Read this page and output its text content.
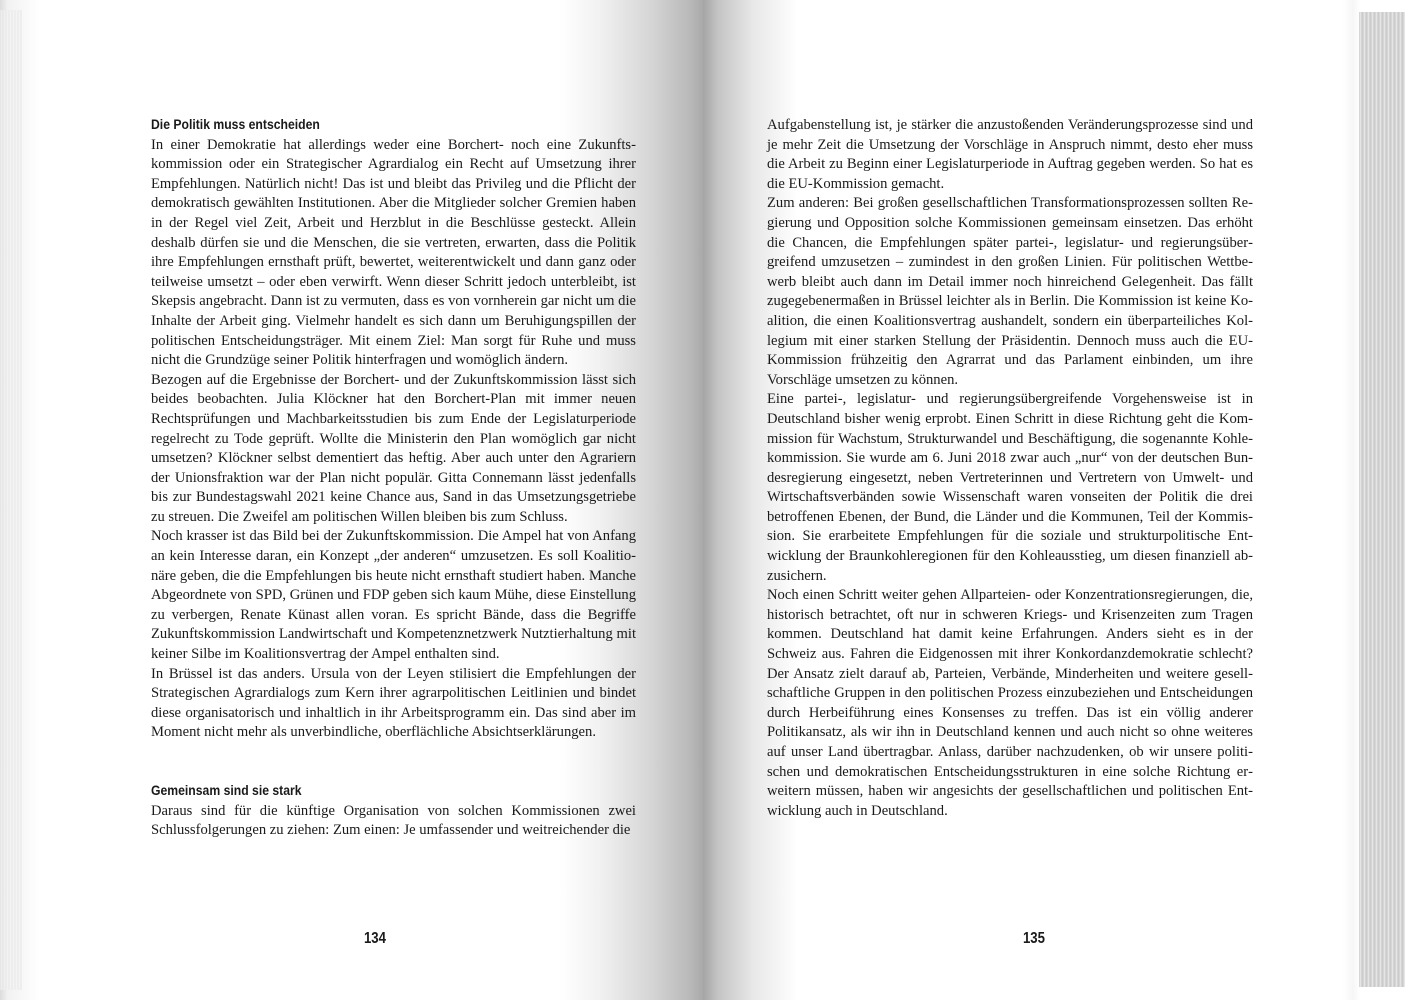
Die Politik muss entscheiden

In einer Demokratie hat allerdings weder eine Borchert- noch eine Zukunftskommission oder ein Strategischer Agrardialog ein Recht auf Umsetzung ihrer Empfehlungen. Natürlich nicht! Das ist und bleibt das Privileg und die Pflicht der demokratisch gewählten Institutionen. Aber die Mitglieder solcher Gremien haben in der Regel viel Zeit, Arbeit und Herzblut in die Beschlüsse gesteckt. Allein deshalb dürfen sie und die Menschen, die sie vertreten, erwarten, dass die Politik ihre Empfehlungen ernsthaft prüft, bewertet, weiterentwickelt und dann ganz oder teilweise umsetzt – oder eben verwirft. Wenn dieser Schritt jedoch unterbleibt, ist Skepsis angebracht. Dann ist zu vermuten, dass es von vornherein gar nicht um die Inhalte der Arbeit ging. Vielmehr handelt es sich dann um Beruhigungspillen der politischen Entscheidungsträger. Mit einem Ziel: Man sorgt für Ruhe und muss nicht die Grundzüge seiner Politik hinterfragen und womöglich ändern.

Bezogen auf die Ergebnisse der Borchert- und der Zukunftskommission lässt sich beides beobachten. Julia Klöckner hat den Borchert-Plan mit immer neuen Rechtsprüfungen und Machbarkeitsstudien bis zum Ende der Legislaturperiode regelrecht zu Tode geprüft. Wollte die Ministerin den Plan womöglich gar nicht umsetzen? Klöckner selbst dementiert das heftig. Aber auch unter den Agrariern der Unionsfraktion war der Plan nicht populär. Gitta Connemann lässt jedenfalls bis zur Bundestagswahl 2021 keine Chance aus, Sand in das Umsetzungsgetriebe zu streuen. Die Zweifel am politischen Willen bleiben bis zum Schluss.

Noch krasser ist das Bild bei der Zukunftskommission. Die Ampel hat von Anfang an kein Interesse daran, ein Konzept „der anderen“ umzusetzen. Es soll Koalitionäre geben, die die Empfehlungen bis heute nicht ernsthaft studiert haben. Manche Abgeordnete von SPD, Grünen und FDP geben sich kaum Mühe, diese Einstellung zu verbergen, Renate Künast allen voran. Es spricht Bände, dass die Begriffe Zukunftskommission Landwirtschaft und Kompetenznetzwerk Nutztierhaltung mit keiner Silbe im Koalitionsvertrag der Ampel enthalten sind.

In Brüssel ist das anders. Ursula von der Leyen stilisiert die Empfehlungen der Strategischen Agrardialogs zum Kern ihrer agrarpolitischen Leitlinien und bindet diese organisatorisch und inhaltlich in ihr Arbeitsprogramm ein. Das sind aber im Moment nicht mehr als unverbindliche, oberflächliche Absichtserklärungen.

Gemeinsam sind sie stark

Daraus sind für die künftige Organisation von solchen Kommissionen zwei Schlussfolgerungen zu ziehen: Zum einen: Je umfassender und weitreichender die

134

Aufgabenstellung ist, je stärker die anzustoßenden Veränderungsprozesse sind und je mehr Zeit die Umsetzung der Vorschläge in Anspruch nimmt, desto eher muss die Arbeit zu Beginn einer Legislaturperiode in Auftrag gegeben werden. So hat es die EU-Kommission gemacht.

Zum anderen: Bei großen gesellschaftlichen Transformationsprozessen sollten Regierung und Opposition solche Kommissionen gemeinsam einsetzen. Das erhöht die Chancen, die Empfehlungen später partei-, legislatur- und regierungsübergreifend umzusetzen – zumindest in den großen Linien. Für politischen Wettbewerb bleibt auch dann im Detail immer noch hinreichend Gelegenheit. Das fällt zugegebenermaßen in Brüssel leichter als in Berlin. Die Kommission ist keine Koalition, die einen Koalitionsvertrag aushandelt, sondern ein überparteiliches Kollegium mit einer starken Stellung der Präsidentin. Dennoch muss auch die EU-Kommission frühzeitig den Agrarrat und das Parlament einbinden, um ihre Vorschläge umsetzen zu können.

Eine partei-, legislatur- und regierungsübergreifende Vorgehensweise ist in Deutschland bisher wenig erprobt. Einen Schritt in diese Richtung geht die Kommission für Wachstum, Strukturwandel und Beschäftigung, die sogenannte Kohlekommission. Sie wurde am 6. Juni 2018 zwar auch „nur“ von der deutschen Bundesregierung eingesetzt, neben Vertreterinnen und Vertretern von Umwelt- und Wirtschaftsverbänden sowie Wissenschaft waren vonseiten der Politik die drei betroffenen Ebenen, der Bund, die Länder und die Kommunen, Teil der Kommission. Sie erarbeitete Empfehlungen für die soziale und strukturpolitische Entwicklung der Braunkohleregionen für den Kohleausstieg, um diesen finanziell abzusichern.

Noch einen Schritt weiter gehen Allparteien- oder Konzentrationsregierungen, die, historisch betrachtet, oft nur in schweren Kriegs- und Krisenzeiten zum Tragen kommen. Deutschland hat damit keine Erfahrungen. Anders sieht es in der Schweiz aus. Fahren die Eidgenossen mit ihrer Konkordanzdemokratie schlecht? Der Ansatz zielt darauf ab, Parteien, Verbände, Minderheiten und weitere gesellschaftliche Gruppen in den politischen Prozess einzubeziehen und Entscheidungen durch Herbeiführung eines Konsenses zu treffen. Das ist ein völlig anderer Politikansatz, als wir ihn in Deutschland kennen und auch nicht so ohne weiteres auf unser Land übertragbar. Anlass, darüber nachzudenken, ob wir unsere politischen und demokratischen Entscheidungsstrukturen in eine solche Richtung erweitern müssen, haben wir angesichts der gesellschaftlichen und politischen Entwicklung auch in Deutschland.

135
